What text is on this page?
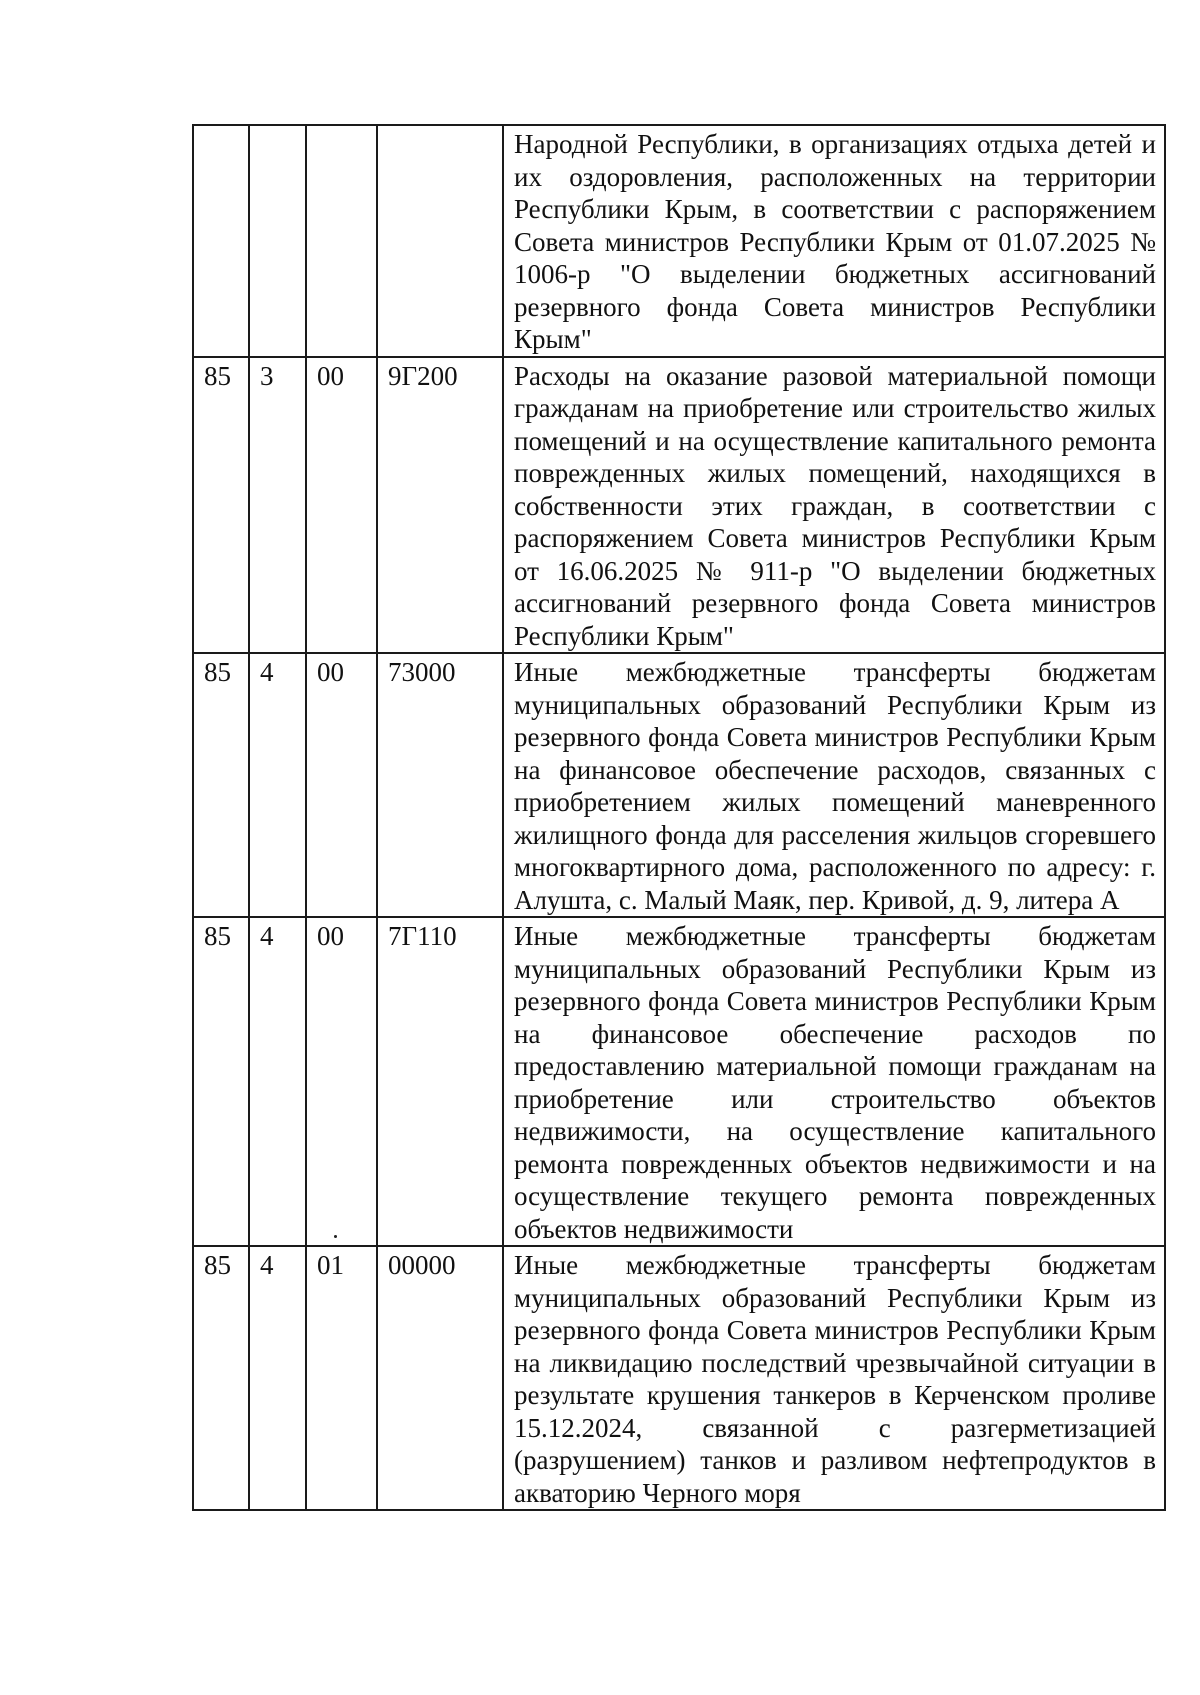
				Народной Республики, в организациях отдыха детей и их оздоровления, расположенных на территории Республики Крым, в соответствии с распоряжением Совета министров Республики Крым от 01.07.2025 № 1006-р "О выделении бюджетных ассигнований резервного фонда Совета министров Республики Крым"
85	3	00	9Г200	Расходы на оказание разовой материальной помощи гражданам на приобретение или строительство жилых помещений и на осуществление капитального ремонта поврежденных жилых помещений, находящихся в собственности этих граждан, в соответствии с распоряжением Совета министров Республики Крым от 16.06.2025 № 911-р "О выделении бюджетных ассигнований резервного фонда Совета министров Республики Крым"
85	4	00	73000	Иные межбюджетные трансферты бюджетам муниципальных образований Республики Крым из резервного фонда Совета министров Республики Крым на финансовое обеспечение расходов, связанных с приобретением жилых помещений маневренного жилищного фонда для расселения жильцов сгоревшего многоквартирного дома, расположенного по адресу: г. Алушта, с. Малый Маяк, пер. Кривой, д. 9, литера А
85	4	00	7Г110	Иные межбюджетные трансферты бюджетам муниципальных образований Республики Крым из резервного фонда Совета министров Республики Крым на финансовое обеспечение расходов по предоставлению материальной помощи гражданам на приобретение или строительство объектов недвижимости, на осуществление капитального ремонта поврежденных объектов недвижимости и на осуществление текущего ремонта поврежденных объектов недвижимости
85	4	01	00000	Иные межбюджетные трансферты бюджетам муниципальных образований Республики Крым из резервного фонда Совета министров Республики Крым на ликвидацию последствий чрезвычайной ситуации в результате крушения танкеров в Керченском проливе 15.12.2024, связанной с разгерметизацией (разрушением) танков и разливом нефтепродуктов в акваторию Черного моря
